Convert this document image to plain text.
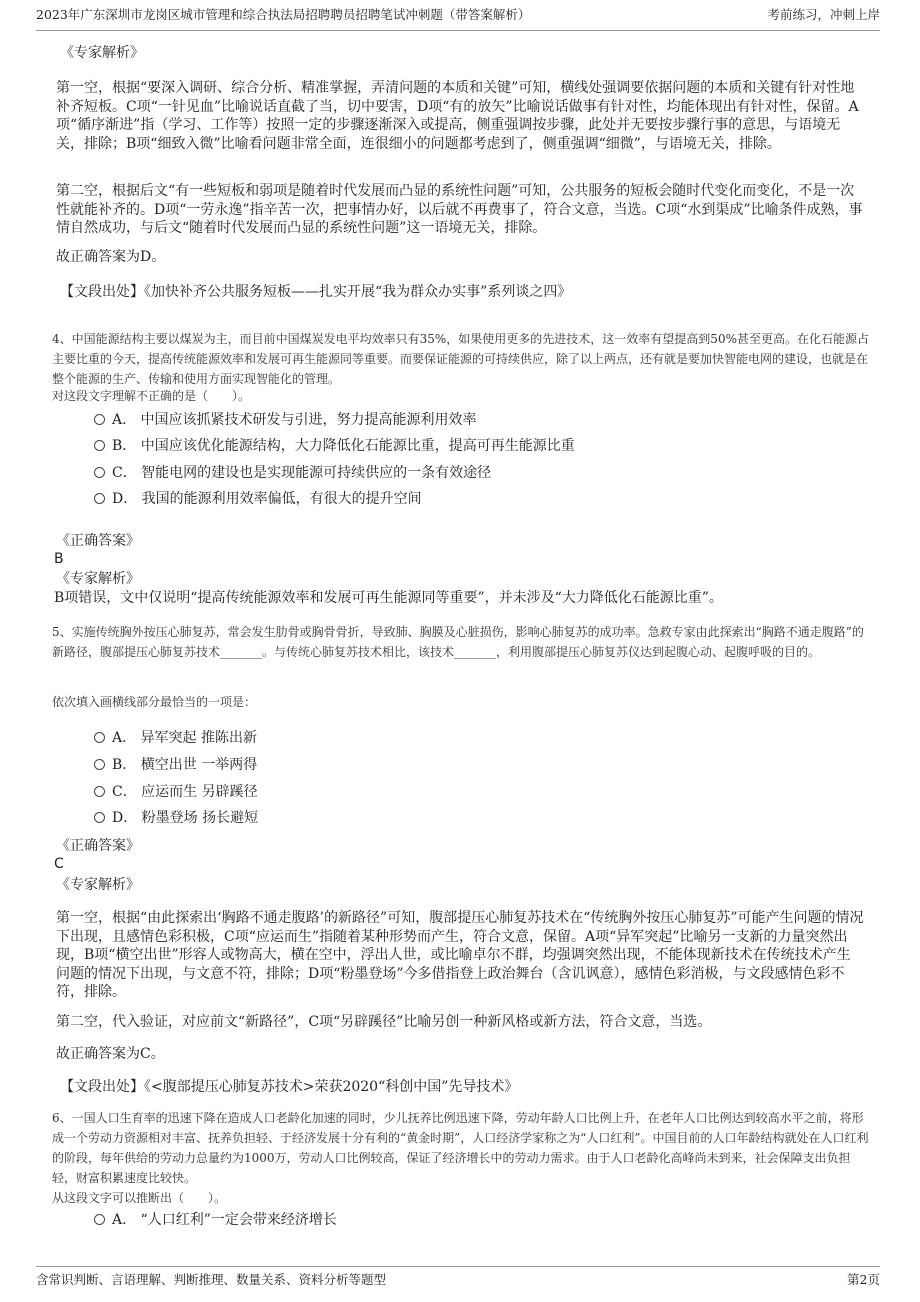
2023年广东深圳市龙岗区城市管理和综合执法局招聘聘员招聘笔试冲刺题（带答案解析）	考前练习，冲刺上岸
《专家解析》
第一空，根据“要深入调研、综合分析、精准掌握，弄清问题的本质和关键”可知，横线处强调要依据问题的本质和关键有针对性地补齐短板。C项“一针见血”比喻说话直截了当，切中要害，D项“有的放矢”比喻说话做事有针对性，均能体现出有针对性，保留。A项“循序渐进”指（学习、工作等）按照一定的步骤逐渐深入或提高，侧重强调按步骤，此处并无要按步骤行事的意思，与语境无关，排除；B项“细致入微”比喻看问题非常全面，连很细小的问题都考虑到了，侧重强调“细微”，与语境无关，排除。
第二空，根据后文“有一些短板和弱项是随着时代发展而凸显的系统性问题”可知，公共服务的短板会随时代变化而变化，不是一次性就能补齐的。D项“一劳永逸”指辛苦一次，把事情办好，以后就不再费事了，符合文意，当选。C项“水到渠成”比喻条件成熟，事情自然成功，与后文“随着时代发展而凸显的系统性问题”这一语境无关，排除。
故正确答案为D。
【文段出处】《加快补齐公共服务短板——扎实开展“我为群众办实事”系列谈之四》
4、中国能源结构主要以煤炭为主，而目前中国煤炭发电平均效率只有35%，如果使用更多的先进技术，这一效率有望提高到50%甚至更高。在化石能源占主要比重的今天，提高传统能源效率和发展可再生能源同等重要。而要保证能源的可持续供应，除了以上两点，还有就是要加快智能电网的建设，也就是在整个能源的生产、传输和使用方面实现智能化的管理。
对这段文字理解不正确的是（　　）。
A． 中国应该抓紧技术研发与引进，努力提高能源利用效率
B． 中国应该优化能源结构，大力降低化石能源比重，提高可再生能源比重
C． 智能电网的建设也是实现能源可持续供应的一条有效途径
D． 我国的能源利用效率偏低，有很大的提升空间
《正确答案》
B
《专家解析》
B项错误，文中仅说明“提高传统能源效率和发展可再生能源同等重要”，并未涉及“大力降低化石能源比重”。
5、实施传统胸外按压心肺复苏，常会发生肋骨或胸骨骨折，导致肺、胸膜及心脏损伤，影响心肺复苏的成功率。急救专家由此探索出“胸路不通走腹路”的新路径，腹部提压心肺复苏技术_______。与传统心肺复苏技术相比，该技术_______，利用腹部提压心肺复苏仪达到起腹心动、起腹呼吸的目的。
依次填入画横线部分最恰当的一项是：
A． 异军突起 推陈出新
B． 横空出世 一举两得
C． 应运而生 另辟蹊径
D． 粉墨登场 扬长避短
《正确答案》
C
《专家解析》
第一空，根据“由此探索出‘胸路不通走腹路’的新路径”可知，腹部提压心肺复苏技术在“传统胸外按压心肺复苏”可能产生问题的情况下出现，且感情色彩积极，C项“应运而生”指随着某种形势而产生，符合文意，保留。A项“异军突起”比喻另一支新的力量突然出现，B项“横空出世”形容人或物高大，横在空中，浮出人世，或比喻卓尔不群，均强调突然出现，不能体现新技术在传统技术产生问题的情况下出现，与文意不符，排除；D项“粉墨登场”今多借指登上政治舞台（含讥讽意），感情色彩消极，与文段感情色彩不符，排除。
第二空，代入验证，对应前文“新路径”，C项“另辟蹊径”比喻另创一种新风格或新方法，符合文意，当选。
故正确答案为C。
【文段出处】《<腹部提压心肺复苏技术>荣获2020“科创中国”先导技术》
6、一国人口生育率的迅速下降在造成人口老龄化加速的同时，少儿抚养比例迅速下降，劳动年龄人口比例上升，在老年人口比例达到较高水平之前，将形成一个劳动力资源相对丰富、抚养负担轻、于经济发展十分有利的“黄金时期”，人口经济学家称之为“人口红利”。中国目前的人口年龄结构就处在人口红利的阶段，每年供给的劳动力总量约为1000万，劳动人口比例较高，保证了经济增长中的劳动力需求。由于人口老龄化高峰尚未到来，社会保障支出负担轻，财富积累速度比较快。
从这段文字可以推断出（　　）。
A． “人口红利”一定会带来经济增长
含常识判断、言语理解、判断推理、数量关系、资料分析等题型	第2页
